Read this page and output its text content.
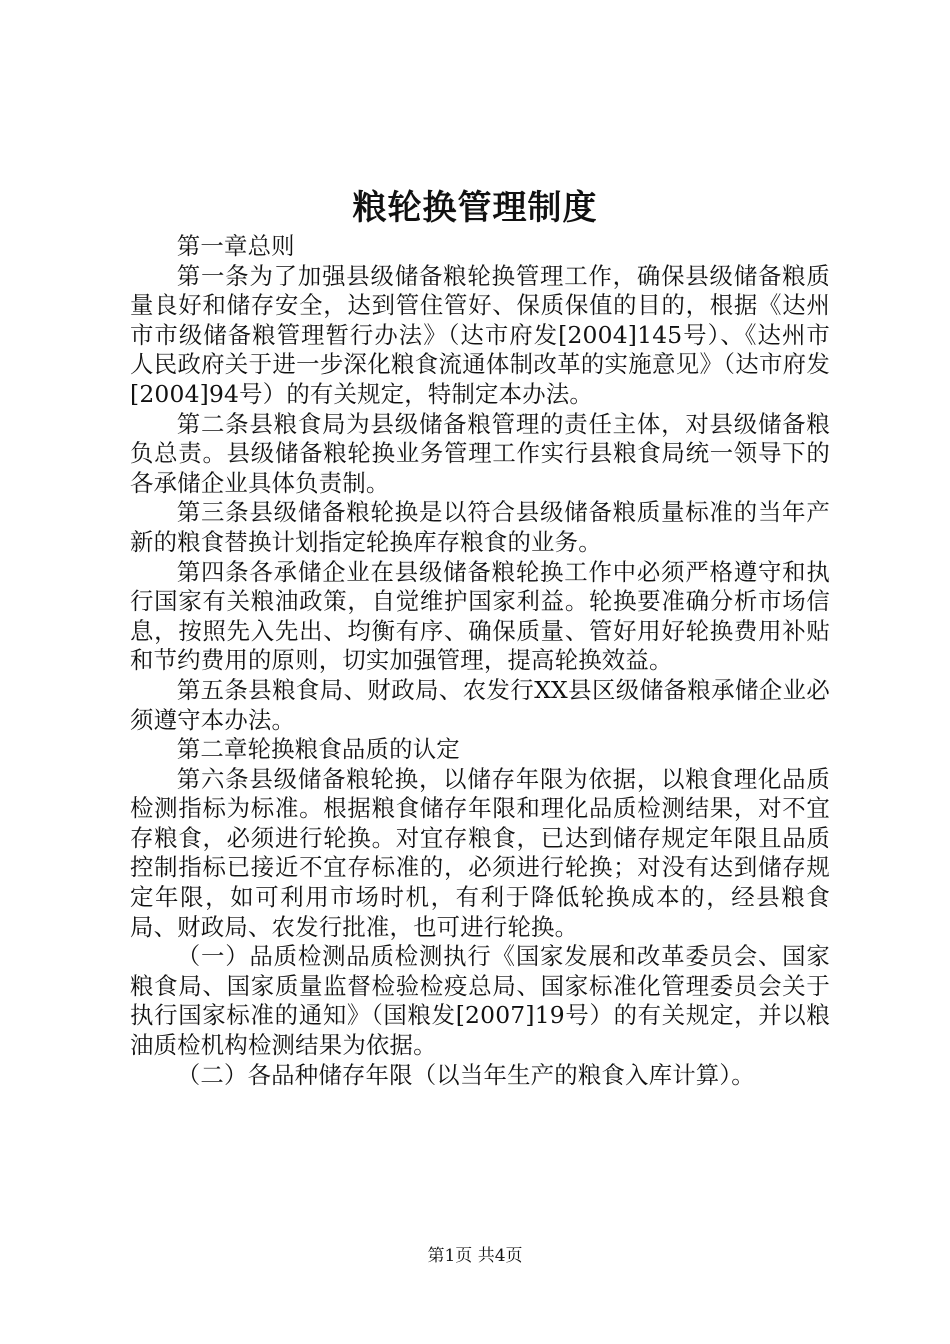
粮轮换管理制度

第一章总则

第一条为了加强县级储备粮轮换管理工作，确保县级储备粮质量良好和储存安全，达到管住管好、保质保值的目的，根据《达州市市级储备粮管理暂行办法》（达市府发[2004]145号）、《达州市人民政府关于进一步深化粮食流通体制改革的实施意见》（达市府发[2004]94号）的有关规定，特制定本办法。

第二条县粮食局为县级储备粮管理的责任主体，对县级储备粮负总责。县级储备粮轮换业务管理工作实行县粮食局统一领导下的各承储企业具体负责制。

第三条县级储备粮轮换是以符合县级储备粮质量标准的当年产新的粮食替换计划指定轮换库存粮食的业务。

第四条各承储企业在县级储备粮轮换工作中必须严格遵守和执行国家有关粮油政策，自觉维护国家利益。轮换要准确分析市场信息，按照先入先出、均衡有序、确保质量、管好用好轮换费用补贴和节约费用的原则，切实加强管理，提高轮换效益。

第五条县粮食局、财政局、农发行XX县区级储备粮承储企业必须遵守本办法。

第二章轮换粮食品质的认定

第六条县级储备粮轮换，以储存年限为依据，以粮食理化品质检测指标为标准。根据粮食储存年限和理化品质检测结果，对不宜存粮食，必须进行轮换。对宜存粮食，已达到储存规定年限且品质控制指标已接近不宜存标准的，必须进行轮换；对没有达到储存规定年限，如可利用市场时机，有利于降低轮换成本的，经县粮食局、财政局、农发行批准，也可进行轮换。

（一）品质检测品质检测执行《国家发展和改革委员会、国家粮食局、国家质量监督检验检疫总局、国家标准化管理委员会关于执行国家标准的通知》（国粮发[2007]19号）的有关规定，并以粮油质检机构检测结果为依据。

（二）各品种储存年限（以当年生产的粮食入库计算）。

第1页 共4页
